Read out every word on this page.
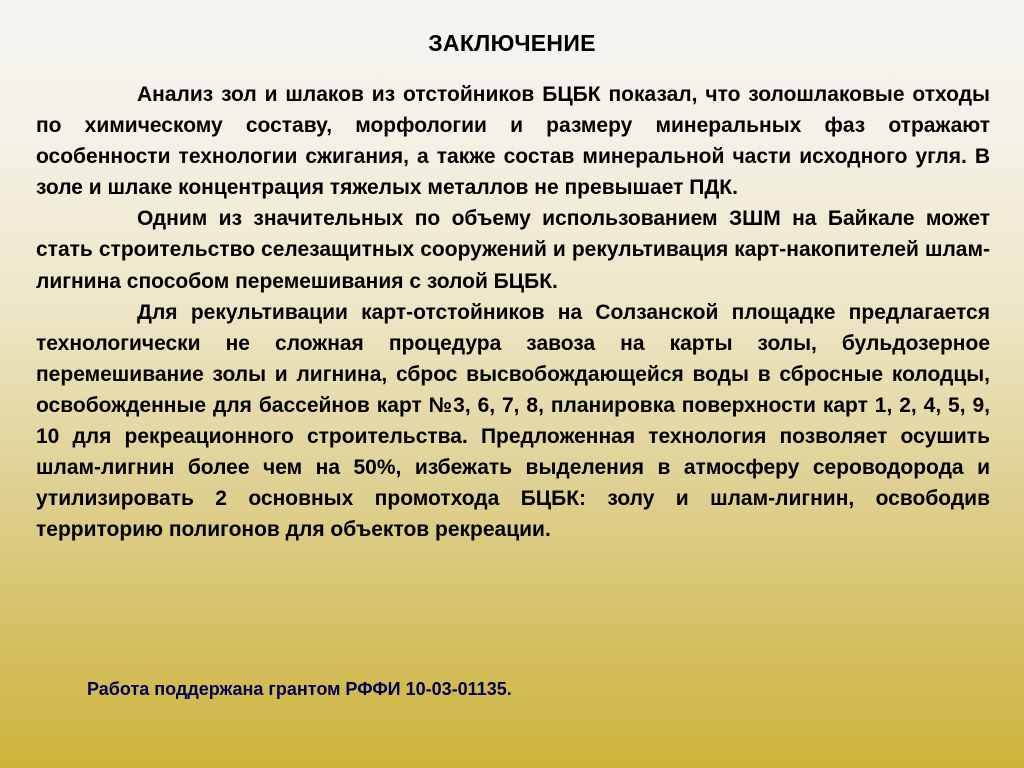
ЗАКЛЮЧЕНИЕ

Анализ зол и шлаков из отстойников БЦБК показал, что золошлаковые отходы по химическому составу, морфологии и размеру минеральных фаз отражают особенности технологии сжигания, а также состав минеральной части исходного угля. В золе и шлаке концентрация тяжелых металлов не превышает ПДК.

Одним из значительных по объему использованием ЗШМ на Байкале может стать строительство селезащитных сооружений и рекультивация карт-накопителей шлам-лигнина способом перемешивания с золой БЦБК.

Для рекультивации карт-отстойников на Солзанской площадке предлагается технологически не сложная процедура завоза на карты золы, бульдозерное перемешивание золы и лигнина, сброс высвобождающейся воды в сбросные колодцы, освобожденные для бассейнов карт №3, 6, 7, 8, планировка поверхности карт 1, 2, 4, 5, 9, 10 для рекреационного строительства. Предложенная технология позволяет осушить шлам-лигнин более чем на 50%, избежать выделения в атмосферу сероводорода и утилизировать 2 основных промотхода БЦБК: золу и шлам-лигнин, освободив территорию полигонов для объектов рекреации.

Работа поддержана грантом РФФИ 10-03-01135.
